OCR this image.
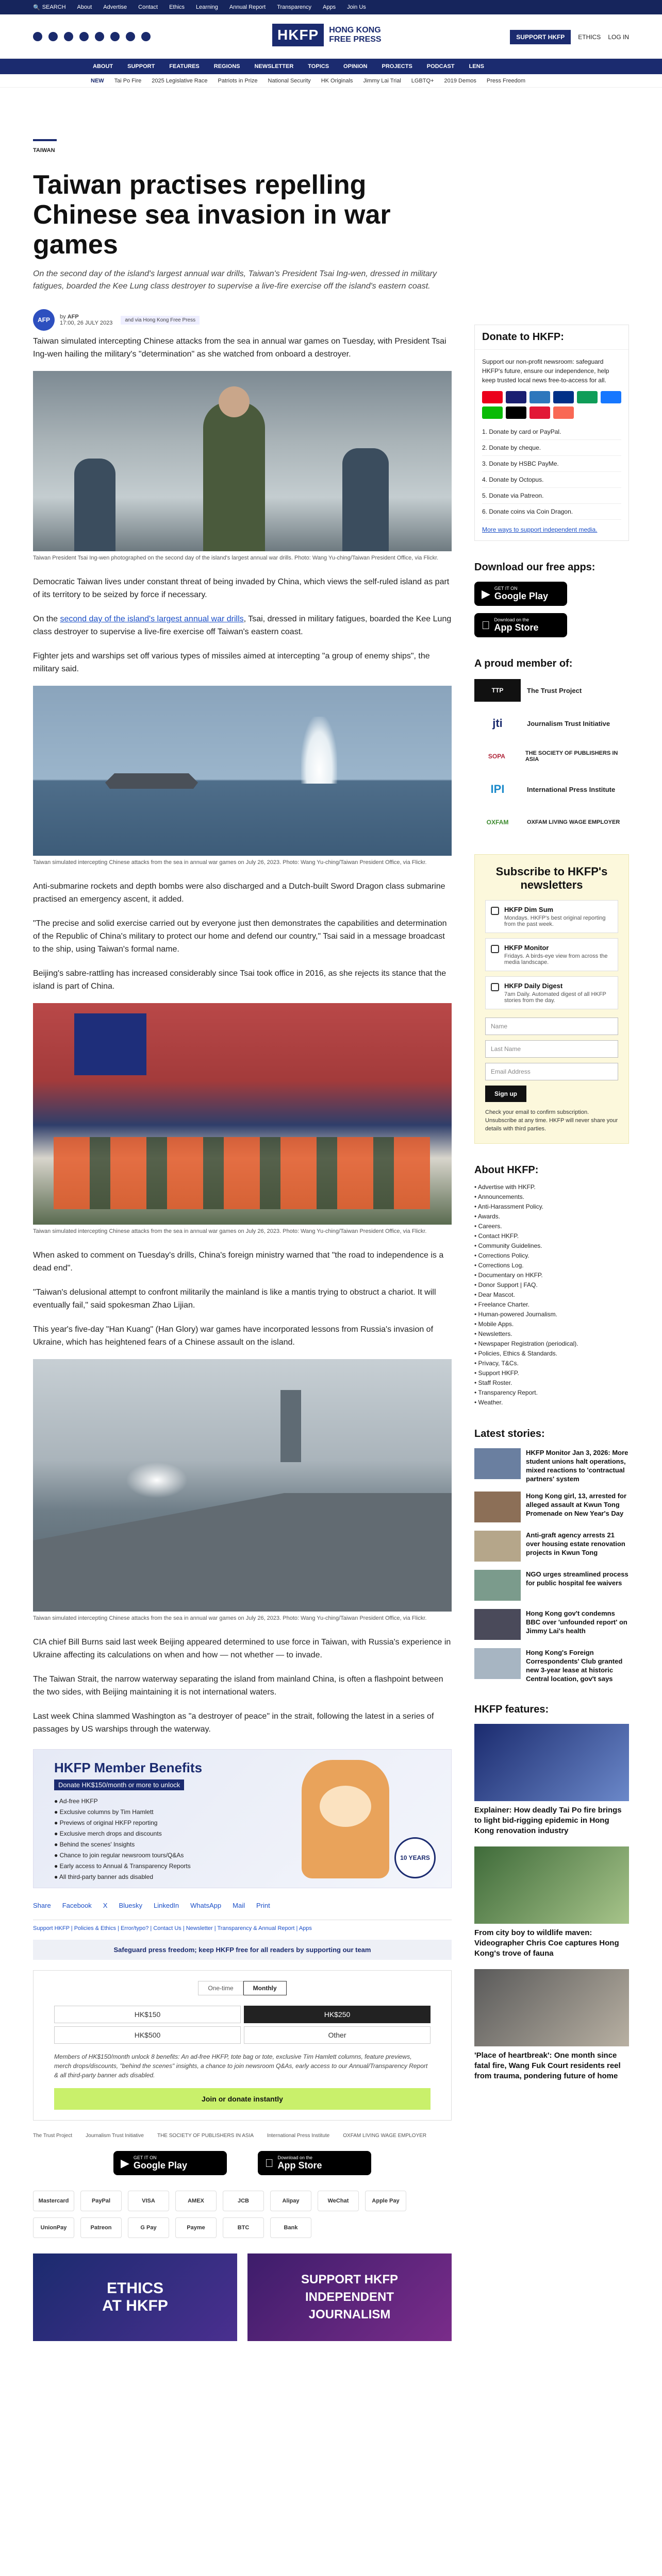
🔍 SEARCH About Advertise Contact Ethics Learning Annual Report Transparency Apps Join Us
HKFP	HONG KONG
FREE PRESS	SUPPORT HKFP	ETHICS LOG IN
ABOUT	SUPPORT	FEATURES	REGIONS	NEWSLETTER	TOPICS	OPINION	PROJECTS	PODCAST	LENS
NEW Tai Po Fire 2025 Legislative Race Patriots in Prize National Security HK Originals Jimmy Lai Trial LGBTQ+ 2019 Demos Press Freedom
TAIWAN
Taiwan practises repelling Chinese sea invasion in war games
On the second day of the island's largest annual war drills, Taiwan's President Tsai Ing-wen, dressed in military fatigues, boarded the Kee Lung class destroyer to supervise a live-fire exercise off the island's eastern coast.
AFP	by AFP
17:00, 26 JULY 2023	and via Hong Kong Free Press
Taiwan simulated intercepting Chinese attacks from the sea in annual war games on Tuesday, with President Tsai Ing-wen hailing the military's "determination" as she watched from onboard a destroyer.
Taiwan President Tsai Ing-wen photographed on the second day of the island's largest annual war drills. Photo: Wang Yu-ching/Taiwan President Office, via Flickr.
Democratic Taiwan lives under constant threat of being invaded by China, which views the self-ruled island as part of its territory to be seized by force if necessary.
On the second day of the island's largest annual war drills, Tsai, dressed in military fatigues, boarded the Kee Lung class destroyer to supervise a live-fire exercise off Taiwan's eastern coast.
Fighter jets and warships set off various types of missiles aimed at intercepting "a group of enemy ships", the military said.
Taiwan simulated intercepting Chinese attacks from the sea in annual war games on July 26, 2023. Photo: Wang Yu-ching/Taiwan President Office, via Flickr.
Anti-submarine rockets and depth bombs were also discharged and a Dutch-built Sword Dragon class submarine practised an emergency ascent, it added.
"The precise and solid exercise carried out by everyone just then demonstrates the capabilities and determination of the Republic of China's military to protect our home and defend our country," Tsai said in a message broadcast to the ship, using Taiwan's formal name.
Beijing's sabre-rattling has increased considerably since Tsai took office in 2016, as she rejects its stance that the island is part of China.
Taiwan simulated intercepting Chinese attacks from the sea in annual war games on July 26, 2023. Photo: Wang Yu-ching/Taiwan President Office, via Flickr.
When asked to comment on Tuesday's drills, China's foreign ministry warned that "the road to independence is a dead end".
"Taiwan's delusional attempt to confront militarily the mainland is like a mantis trying to obstruct a chariot. It will eventually fail," said spokesman Zhao Lijian.
This year's five-day "Han Kuang" (Han Glory) war games have incorporated lessons from Russia's invasion of Ukraine, which has heightened fears of a Chinese assault on the island.
Taiwan simulated intercepting Chinese attacks from the sea in annual war games on July 26, 2023. Photo: Wang Yu-ching/Taiwan President Office, via Flickr.
CIA chief Bill Burns said last week Beijing appeared determined to use force in Taiwan, with Russia's experience in Ukraine affecting its calculations on when and how — not whether — to invade.
The Taiwan Strait, the narrow waterway separating the island from mainland China, is often a flashpoint between the two sides, with Beijing maintaining it is not international waters.
Last week China slammed Washington as "a destroyer of peace" in the strait, following the latest in a series of passages by US warships through the waterway.
HKFP Member Benefits
Donate HK$150/month or more to unlock
● Ad-free HKFP
● Exclusive columns by Tim Hamlett
● Previews of original HKFP reporting
● Exclusive merch drops and discounts
● Behind the scenes' Insights
● Chance to join regular newsroom tours/Q&As
● Early access to Annual & Transparency Reports
● All third-party banner ads disabled
10 YEARS
Share Facebook X Bluesky LinkedIn WhatsApp Mail Print
Support HKFP | Policies & Ethics | Error/typo? | Contact Us | Newsletter | Transparency & Annual Report | Apps
Safeguard press freedom; keep HKFP free for all readers by supporting our team
One-time	Monthly
HK$150	HK$250
HK$500	Other
Members of HK$150/month unlock 8 benefits: An ad-free HKFP, tote bag or tote, exclusive Tim Hamlett columns, feature previews, merch drops/discounts, "behind the scenes" insights, a chance to join newsroom Q&As, early access to our Annual/Transparency Report & all third-party banner ads disabled.
Join or donate instantly
The Trust Project	Journalism Trust Initiative	THE SOCIETY OF PUBLISHERS IN ASIA	International Press Institute	OXFAM LIVING WAGE EMPLOYER
▶ GET IT ON
Google Play
Download on the
App Store
Mastercard	PayPal	VISA	AMEX	JCB	Alipay	WeChat	Apple Pay
UnionPay	Patreon	G Pay	Payme	BTC	Bank
ETHICS
AT HKFP
SUPPORT HKFP
INDEPENDENT
JOURNALISM
Donate to HKFP:
Support our non-profit newsroom: safeguard HKFP's future, ensure our independence, help keep trusted local news free-to-access for all.
1. Donate by card or PayPal.
2. Donate by cheque.
3. Donate by HSBC PayMe.
4. Donate by Octopus.
5. Donate via Patreon.
6. Donate coins via Coin Dragon.
More ways to support independent media.
Download our free apps:
▶ GET IT ON
Google Play
Download on the
App Store
A proud member of:
TTP	The Trust Project
jti	Journalism Trust Initiative
SOPA	THE SOCIETY OF PUBLISHERS IN ASIA
IPI	International Press Institute
OXFAM	OXFAM LIVING WAGE EMPLOYER
Subscribe to HKFP's newsletters
HKFP Dim Sum
Mondays. HKFP's best original reporting from the past week.
HKFP Monitor
Fridays. A birds-eye view from across the media landscape.
HKFP Daily Digest
7am Daily. Automated digest of all HKFP stories from the day.
Name
Last Name
Email Address
Sign up
Check your email to confirm subscription. Unsubscribe at any time. HKFP will never share your details with third parties.
About HKFP:
• Advertise with HKFP.
• Announcements.
• Anti-Harassment Policy.
• Awards.
• Careers.
• Contact HKFP.
• Community Guidelines.
• Corrections Policy.
• Corrections Log.
• Documentary on HKFP.
• Donor Support | FAQ.
• Dear Mascot.
• Freelance Charter.
• Human-powered Journalism.
• Mobile Apps.
• Newsletters.
• Newspaper Registration (periodical).
• Policies, Ethics & Standards.
• Privacy, T&Cs.
• Support HKFP.
• Staff Roster.
• Transparency Report.
• Weather.
Latest stories:
HKFP Monitor Jan 3, 2026: More student unions halt operations, mixed reactions to 'contractual partners' system
Hong Kong girl, 13, arrested for alleged assault at Kwun Tong Promenade on New Year's Day
Anti-graft agency arrests 21 over housing estate renovation projects in Kwun Tong
NGO urges streamlined process for public hospital fee waivers
Hong Kong gov't condemns BBC over 'unfounded report' on Jimmy Lai's health
Hong Kong's Foreign Correspondents' Club granted new 3-year lease at historic Central location, gov't says
HKFP features:
Explainer: How deadly Tai Po fire brings to light bid-rigging epidemic in Hong Kong renovation industry
From city boy to wildlife maven: Videographer Chris Coe captures Hong Kong's trove of fauna
'Place of heartbreak': One month since fatal fire, Wang Fuk Court residents reel from trauma, pondering future of home
